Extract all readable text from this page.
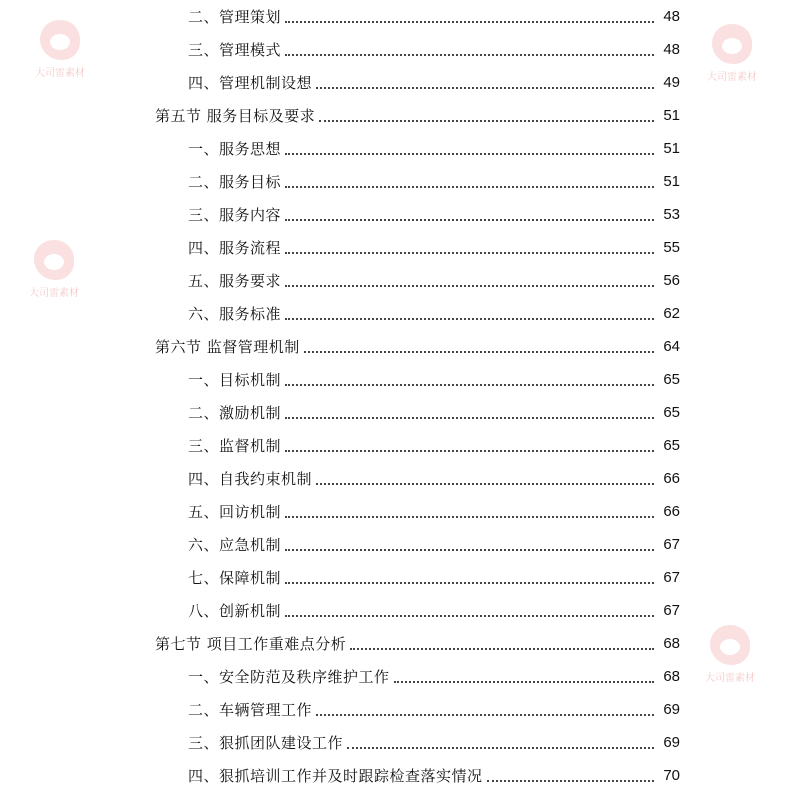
二、管理策划	48
三、管理模式	48
四、管理机制设想	49
第五节 服务目标及要求	51
一、服务思想	51
二、服务目标	51
三、服务内容	53
四、服务流程	55
五、服务要求	56
六、服务标准	62
第六节 监督管理机制	64
一、目标机制	65
二、激励机制	65
三、监督机制	65
四、自我约束机制	66
五、回访机制	66
六、应急机制	67
七、保障机制	67
八、创新机制	67
第七节 项目工作重难点分析	68
一、安全防范及秩序维护工作	68
二、车辆管理工作	69
三、狠抓团队建设工作	69
四、狠抓培训工作并及时跟踪检查落实情况	70
大司雷素材	大司雷素材
大司雷素材
大司雷素材
